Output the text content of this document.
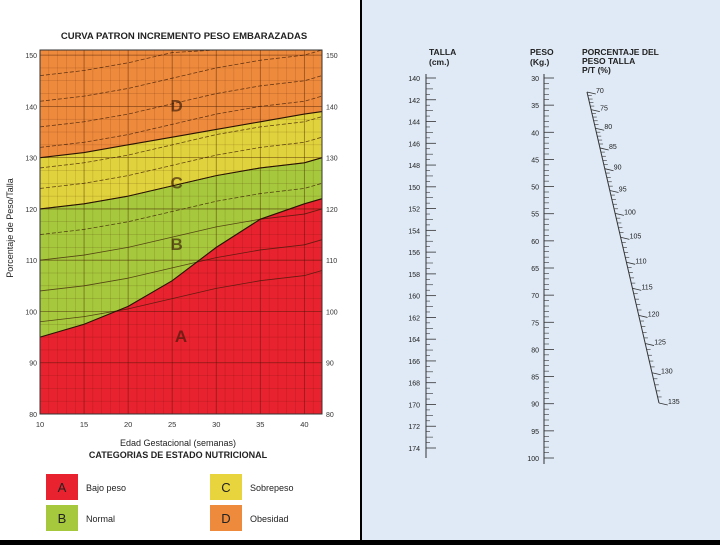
CURVA PATRON INCREMENTO PESO EMBARAZADAS
A
B
C
D
80
90
100
110
120
130
140
150
80
90
100
110
120
130
140
150
10	15	20	25	30	35	40
Porcentaje de Peso/Talla
Edad Gestacional (semanas)
CATEGORIAS DE ESTADO NUTRICIONAL
A Bajo peso	C Sobrepeso
B Normal	D Obesidad
TALLA
(cm.)
PESO
(Kg.)
PORCENTAJE DEL
PESO TALLA
P/T (%)
140
142
144
146
148
150
152
154
156
158
160
162
164
166
168
170
172
174
30
35
40
45
50
55
60
65
70
75
80
85
90
95
100
70
75
80
85
90
95
100
105
110
115
120
125
130
135
